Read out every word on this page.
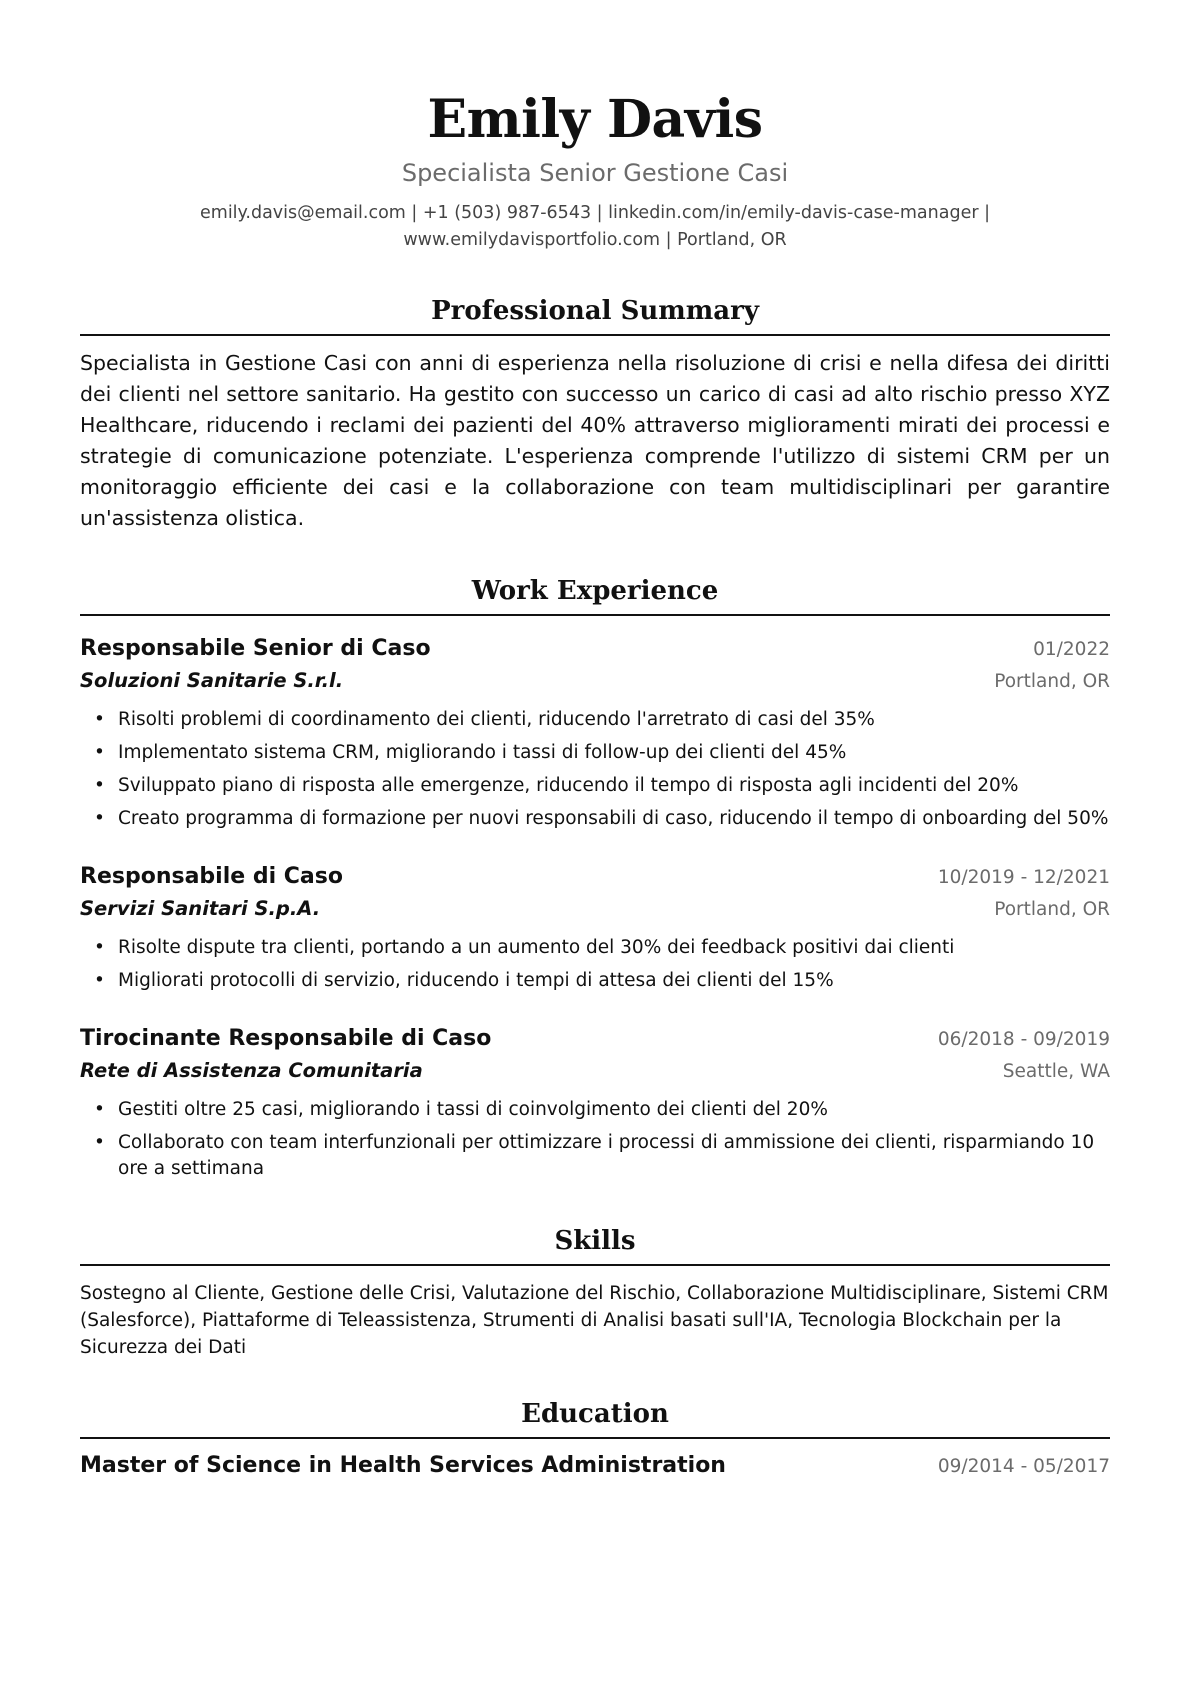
Emily Davis
Specialista Senior Gestione Casi
emily.davis@email.com | +1 (503) 987-6543 | linkedin.com/in/emily-davis-case-manager |
www.emilydavisportfolio.com | Portland, OR
Professional Summary
Specialista in Gestione Casi con anni di esperienza nella risoluzione di crisi e nella difesa dei diritti dei clienti nel settore sanitario. Ha gestito con successo un carico di casi ad alto rischio presso XYZ Healthcare, riducendo i reclami dei pazienti del 40% attraverso miglioramenti mirati dei processi e strategie di comunicazione potenziate. L'esperienza comprende l'utilizzo di sistemi CRM per un monitoraggio efficiente dei casi e la collaborazione con team multidisciplinari per garantire un'assistenza olistica.
Work Experience
Responsabile Senior di Caso	01/2022
Soluzioni Sanitarie S.r.l.	Portland, OR
• Risolti problemi di coordinamento dei clienti, riducendo l'arretrato di casi del 35%
• Implementato sistema CRM, migliorando i tassi di follow-up dei clienti del 45%
• Sviluppato piano di risposta alle emergenze, riducendo il tempo di risposta agli incidenti del 20%
• Creato programma di formazione per nuovi responsabili di caso, riducendo il tempo di onboarding del 50%
Responsabile di Caso	10/2019 - 12/2021
Servizi Sanitari S.p.A.	Portland, OR
• Risolte dispute tra clienti, portando a un aumento del 30% dei feedback positivi dai clienti
• Migliorati protocolli di servizio, riducendo i tempi di attesa dei clienti del 15%
Tirocinante Responsabile di Caso	06/2018 - 09/2019
Rete di Assistenza Comunitaria	Seattle, WA
• Gestiti oltre 25 casi, migliorando i tassi di coinvolgimento dei clienti del 20%
• Collaborato con team interfunzionali per ottimizzare i processi di ammissione dei clienti, risparmiando 10 ore a settimana
Skills
Sostegno al Cliente, Gestione delle Crisi, Valutazione del Rischio, Collaborazione Multidisciplinare, Sistemi CRM (Salesforce), Piattaforme di Teleassistenza, Strumenti di Analisi basati sull'IA, Tecnologia Blockchain per la Sicurezza dei Dati
Education
Master of Science in Health Services Administration	09/2014 - 05/2017
